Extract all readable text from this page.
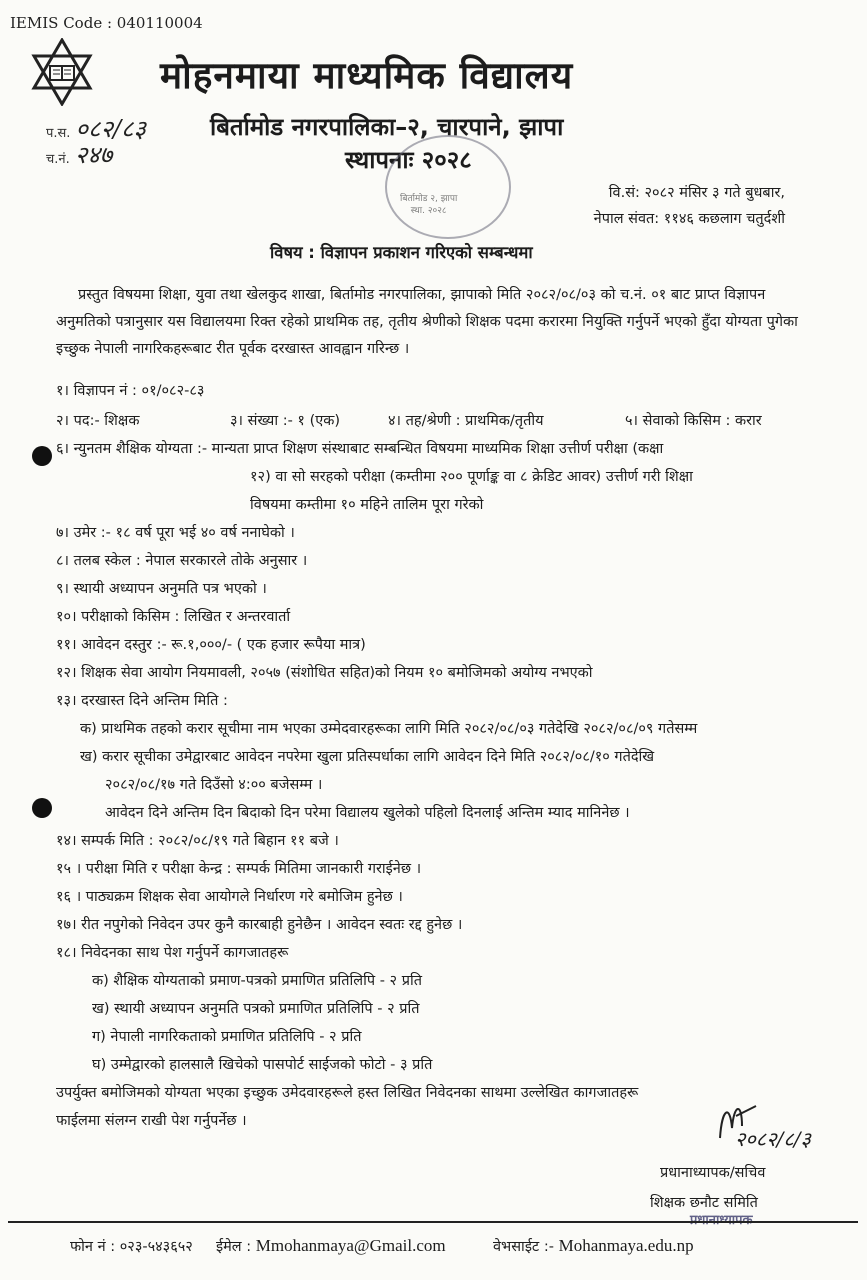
IEMIS Code : 040110004
मोहनमाया माध्यमिक विद्यालय
बिर्तामोड नगरपालिका–२, चारपाने, झापा
स्थापनाः २०२८
प.स. ०८२/८३
च.नं. २४७
बिर्तामोड २, झापा
स्था. २०२८
वि.सं: २०८२ मंसिर ३ गते बुधबार,
नेपाल संवत: ११४६ कछलाग चतुर्दशी
विषय : विज्ञापन प्रकाशन गरिएको सम्बन्धमा
प्रस्तुत विषयमा शिक्षा, युवा तथा खेलकुद शाखा, बिर्तामोड नगरपालिका, झापाको मिति २०८२/०८/०३ को च.नं. ०१ बाट प्राप्त विज्ञापन अनुमतिको पत्रानुसार यस विद्यालयमा रिक्त रहेको प्राथमिक तह, तृतीय श्रेणीको शिक्षक पदमा करारमा नियुक्ति गर्नुपर्ने भएको हुँदा योग्यता पुगेका इच्छुक नेपाली नागरिकहरूबाट रीत पूर्वक दरखास्त आवह्वान गरिन्छ ।
१। विज्ञापन नं : ०१/०८२-८३
२। पद:- शिक्षक	३। संख्या :- १ (एक)	४। तह/श्रेणी : प्राथमिक/तृतीय	५। सेवाको किसिम : करार
६। न्युनतम शैक्षिक योग्यता :- मान्यता प्राप्त शिक्षण संस्थाबाट सम्बन्धित विषयमा माध्यमिक शिक्षा उत्तीर्ण परीक्षा (कक्षा
१२) वा सो सरहको परीक्षा (कम्तीमा २०० पूर्णाङ्क वा ८ क्रेडिट आवर) उत्तीर्ण गरी शिक्षा
विषयमा कम्तीमा १० महिने तालिम पूरा गरेको
७। उमेर :- १८ वर्ष पूरा भई ४० वर्ष ननाघेको ।
८। तलब स्केल : नेपाल सरकारले तोके अनुसार ।
९। स्थायी अध्यापन अनुमति पत्र भएको ।
१०। परीक्षाको किसिम : लिखित र अन्तरवार्ता
११। आवेदन दस्तुर :- रू.१,०००/- ( एक हजार रूपैया मात्र)
१२। शिक्षक सेवा आयोग नियमावली, २०५७ (संशोधित सहित)को नियम १० बमोजिमको अयोग्य नभएको
१३। दरखास्त दिने अन्तिम मिति :
क) प्राथमिक तहको करार सूचीमा नाम भएका उम्मेदवारहरूका लागि मिति २०८२/०८/०३ गतेदेखि २०८२/०८/०९ गतेसम्म
ख) करार सूचीका उमेद्वारबाट आवेदन नपरेमा खुला प्रतिस्पर्धाका लागि आवेदन दिने मिति २०८२/०८/१० गतेदेखि
२०८२/०८/१७ गते दिउँसो ४:०० बजेसम्म ।
आवेदन दिने अन्तिम दिन बिदाको दिन परेमा विद्यालय खुलेको पहिलो दिनलाई अन्तिम म्याद मानिनेछ ।
१४। सम्पर्क मिति : २०८२/०८/१९ गते बिहान ११ बजे ।
१५ । परीक्षा मिति र परीक्षा केन्द्र : सम्पर्क मितिमा जानकारी गराईनेछ ।
१६ । पाठ्यक्रम शिक्षक सेवा आयोगले निर्धारण गरे बमोजिम हुनेछ ।
१७। रीत नपुगेको निवेदन उपर कुनै कारबाही हुनेछैन । आवेदन स्वतः रद्द हुनेछ ।
१८। निवेदनका साथ पेश गर्नुपर्ने कागजातहरू
क) शैक्षिक योग्यताको प्रमाण-पत्रको प्रमाणित प्रतिलिपि - २ प्रति
ख) स्थायी अध्यापन अनुमति पत्रको प्रमाणित प्रतिलिपि - २ प्रति
ग) नेपाली नागरिकताको प्रमाणित प्रतिलिपि - २ प्रति
घ) उम्मेद्वारको हालसालै खिचेको पासपोर्ट साईजको फोटो - ३ प्रति
उपर्युक्त बमोजिमको योग्यता भएका इच्छुक उमेदवारहरूले हस्त लिखित निवेदनका साथमा उल्लेखित कागजातहरू
फाईलमा संलग्न राखी पेश गर्नुपर्नेछ ।
२०८२/८/३
प्रधानाध्यापक/सचिव
शिक्षक छनौट समिति
फोन नं : ०२३-५४३६५२ ईमेल : Mmohanmaya@Gmail.com	वेभसाईट :- Mohanmaya.edu.np
